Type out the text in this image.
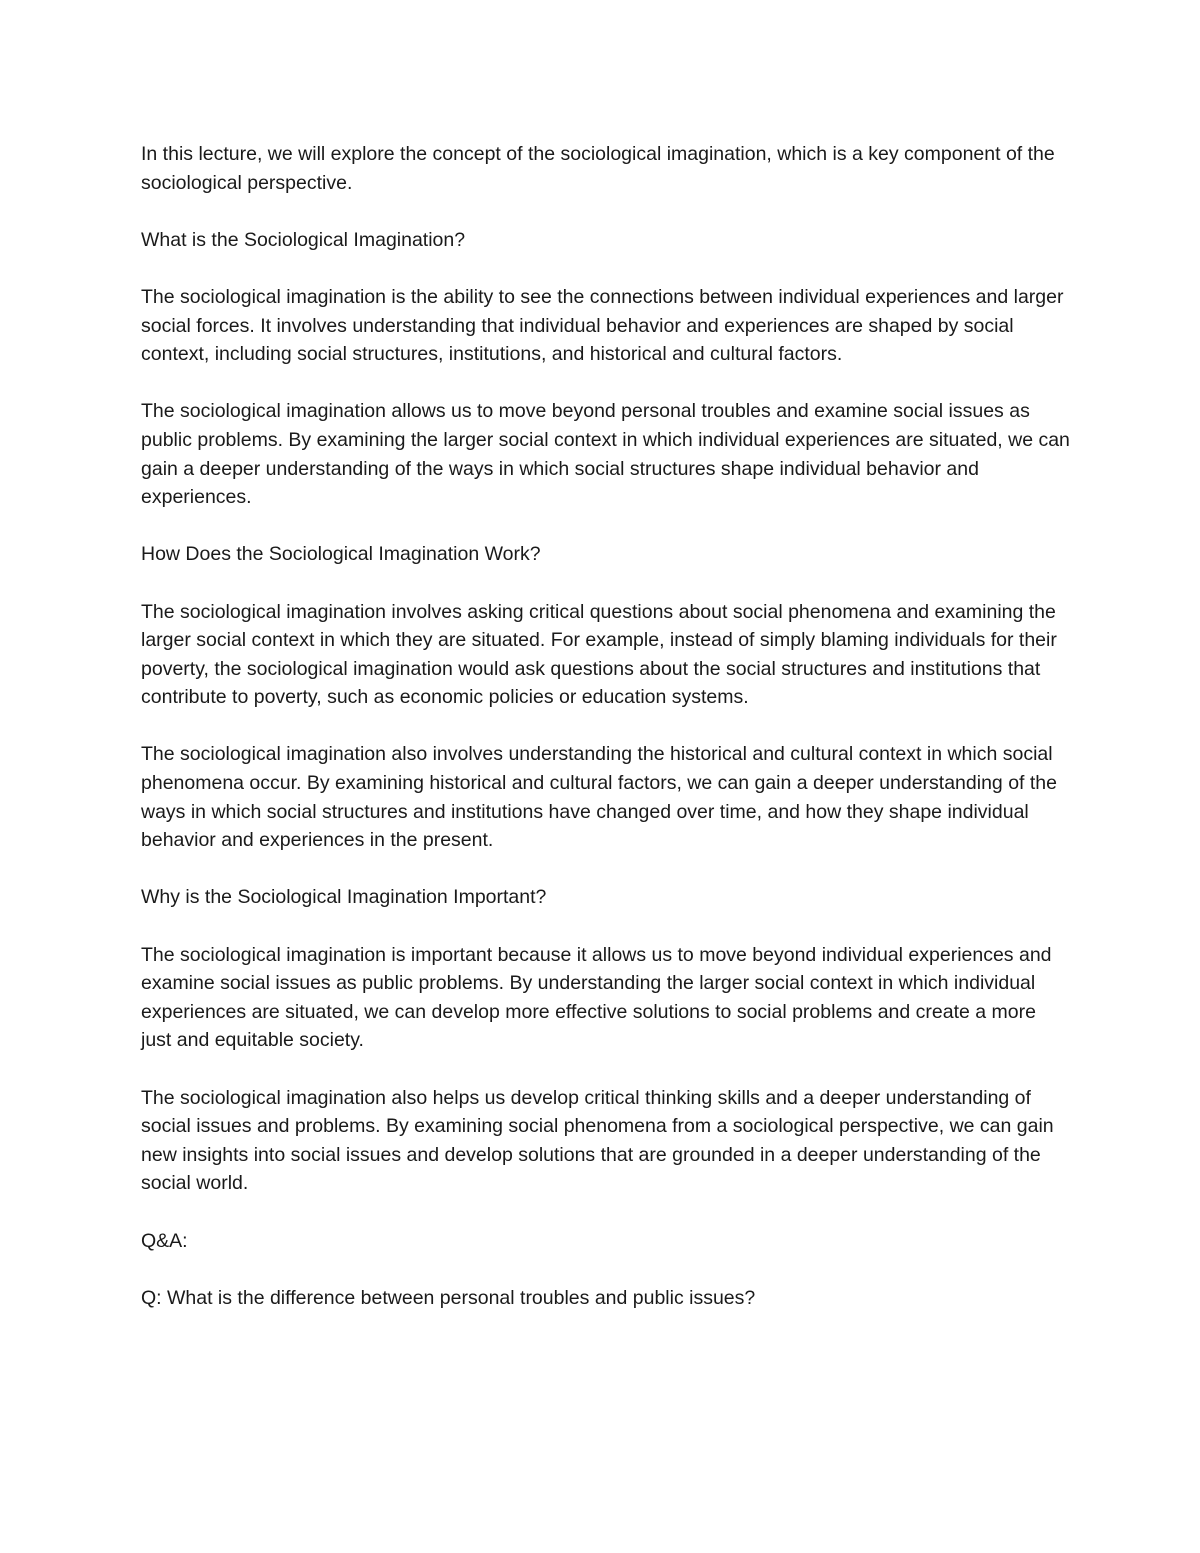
In this lecture, we will explore the concept of the sociological imagination, which is a key component of the sociological perspective.

What is the Sociological Imagination?

The sociological imagination is the ability to see the connections between individual experiences and larger social forces. It involves understanding that individual behavior and experiences are shaped by social context, including social structures, institutions, and historical and cultural factors.

The sociological imagination allows us to move beyond personal troubles and examine social issues as public problems. By examining the larger social context in which individual experiences are situated, we can gain a deeper understanding of the ways in which social structures shape individual behavior and experiences.

How Does the Sociological Imagination Work?

The sociological imagination involves asking critical questions about social phenomena and examining the larger social context in which they are situated. For example, instead of simply blaming individuals for their poverty, the sociological imagination would ask questions about the social structures and institutions that contribute to poverty, such as economic policies or education systems.

The sociological imagination also involves understanding the historical and cultural context in which social phenomena occur. By examining historical and cultural factors, we can gain a deeper understanding of the ways in which social structures and institutions have changed over time, and how they shape individual behavior and experiences in the present.

Why is the Sociological Imagination Important?

The sociological imagination is important because it allows us to move beyond individual experiences and examine social issues as public problems. By understanding the larger social context in which individual experiences are situated, we can develop more effective solutions to social problems and create a more just and equitable society.

The sociological imagination also helps us develop critical thinking skills and a deeper understanding of social issues and problems. By examining social phenomena from a sociological perspective, we can gain new insights into social issues and develop solutions that are grounded in a deeper understanding of the social world.

Q&A:

Q: What is the difference between personal troubles and public issues?
